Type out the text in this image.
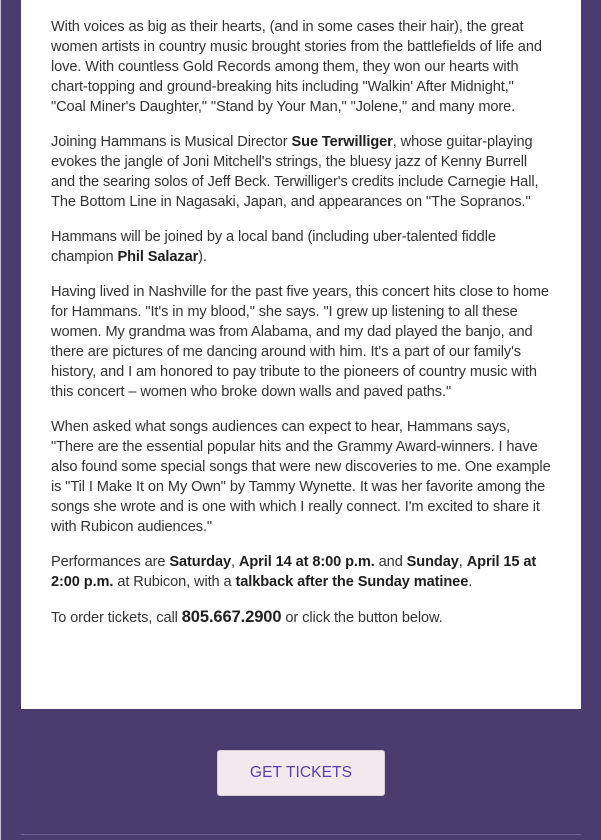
With voices as big as their hearts, (and in some cases their hair), the great women artists in country music brought stories from the battlefields of life and love. With countless Gold Records among them, they won our hearts with chart-topping and ground-breaking hits including "Walkin' After Midnight," "Coal Miner's Daughter," "Stand by Your Man," "Jolene," and many more.

Joining Hammans is Musical Director Sue Terwilliger, whose guitar-playing evokes the jangle of Joni Mitchell's strings, the bluesy jazz of Kenny Burrell and the searing solos of Jeff Beck. Terwilliger's credits include Carnegie Hall, The Bottom Line in Nagasaki, Japan, and appearances on "The Sopranos."

Hammans will be joined by a local band (including uber-talented fiddle champion Phil Salazar).

Having lived in Nashville for the past five years, this concert hits close to home for Hammans. "It's in my blood," she says. "I grew up listening to all these women. My grandma was from Alabama, and my dad played the banjo, and there are pictures of me dancing around with him. It's a part of our family's history, and I am honored to pay tribute to the pioneers of country music with this concert – women who broke down walls and paved paths."

When asked what songs audiences can expect to hear, Hammans says, "There are the essential popular hits and the Grammy Award-winners. I have also found some special songs that were new discoveries to me. One example is "Til I Make It on My Own" by Tammy Wynette. It was her favorite among the songs she wrote and is one with which I really connect. I'm excited to share it with Rubicon audiences."

Performances are Saturday, April 14 at 8:00 p.m. and Sunday, April 15 at 2:00 p.m. at Rubicon, with a talkback after the Sunday matinee.

To order tickets, call 805.667.2900 or click the button below.

GET TICKETS
